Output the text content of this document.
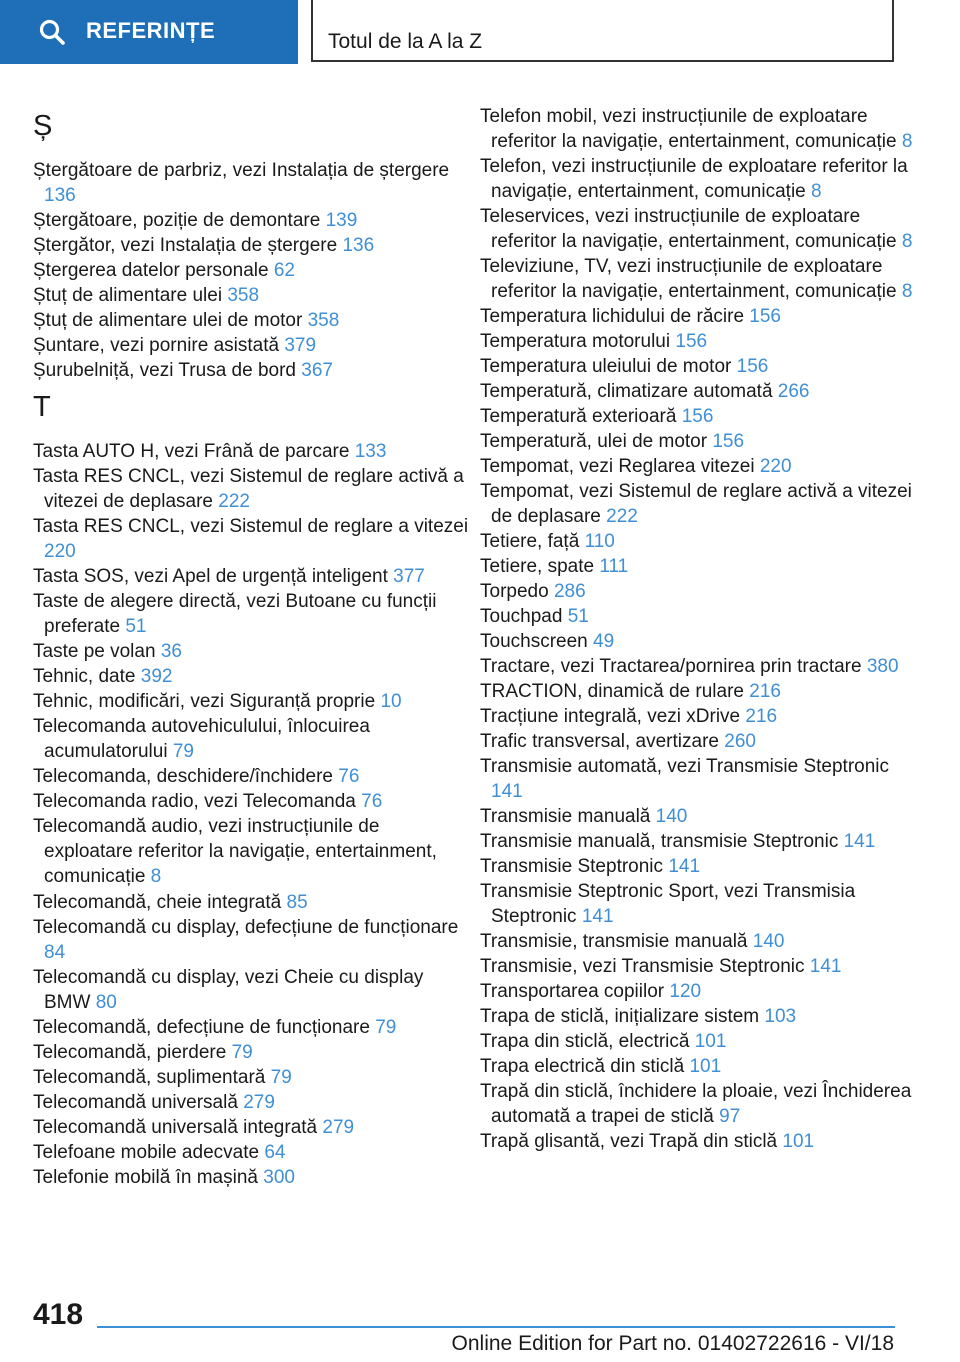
REFERINȚE	Totul de la A la Z
Ș
Ștergătoare de parbriz, vezi Instalația de ștergere 136
Ștergătoare, poziție de demontare 139
Ștergător, vezi Instalația de ștergere 136
Ștergerea datelor personale 62
Ștuț de alimentare ulei 358
Ștuț de alimentare ulei de motor 358
Șuntare, vezi pornire asistată 379
Șurubelniță, vezi Trusa de bord 367
T
Tasta AUTO H, vezi Frână de parcare 133
Tasta RES CNCL, vezi Sistemul de reglare activă a vitezei de deplasare 222
Tasta RES CNCL, vezi Sistemul de reglare a vitezei 220
Tasta SOS, vezi Apel de urgență inteligent 377
Taste de alegere directă, vezi Butoane cu funcții preferate 51
Taste pe volan 36
Tehnic, date 392
Tehnic, modificări, vezi Siguranță proprie 10
Telecomanda autovehiculului, înlocuirea acumulatorului 79
Telecomanda, deschidere/închidere 76
Telecomanda radio, vezi Telecomanda 76
Telecomandă audio, vezi instrucțiunile de exploatare referitor la navigație, entertainment, comunicație 8
Telecomandă, cheie integrată 85
Telecomandă cu display, defecțiune de funcționare 84
Telecomandă cu display, vezi Cheie cu display BMW 80
Telecomandă, defecțiune de funcționare 79
Telecomandă, pierdere 79
Telecomandă, suplimentară 79
Telecomandă universală 279
Telecomandă universală integrată 279
Telefoane mobile adecvate 64
Telefonie mobilă în mașină 300
Telefon mobil, vezi instrucțiunile de exploatare referitor la navigație, entertainment, comunicație 8
Telefon, vezi instrucțiunile de exploatare referitor la navigație, entertainment, comunicație 8
Teleservices, vezi instrucțiunile de exploatare referitor la navigație, entertainment, comunicație 8
Televiziune, TV, vezi instrucțiunile de exploatare referitor la navigație, entertainment, comunicație 8
Temperatura lichidului de răcire 156
Temperatura motorului 156
Temperatura uleiului de motor 156
Temperatură, climatizare automată 266
Temperatură exterioară 156
Temperatură, ulei de motor 156
Tempomat, vezi Reglarea vitezei 220
Tempomat, vezi Sistemul de reglare activă a vitezei de deplasare 222
Tetiere, față 110
Tetiere, spate 111
Torpedo 286
Touchpad 51
Touchscreen 49
Tractare, vezi Tractarea/pornirea prin tractare 380
TRACTION, dinamică de rulare 216
Tracțiune integrală, vezi xDrive 216
Trafic transversal, avertizare 260
Transmisie automată, vezi Transmisie Steptronic 141
Transmisie manuală 140
Transmisie manuală, transmisie Steptronic 141
Transmisie Steptronic 141
Transmisie Steptronic Sport, vezi Transmisia Steptronic 141
Transmisie, transmisie manuală 140
Transmisie, vezi Transmisie Steptronic 141
Transportarea copiilor 120
Trapa de sticlă, inițializare sistem 103
Trapa din sticlă, electrică 101
Trapa electrică din sticlă 101
Trapă din sticlă, închidere la ploaie, vezi Închiderea automată a trapei de sticlă 97
Trapă glisantă, vezi Trapă din sticlă 101
418
Online Edition for Part no. 01402722616 - VI/18
